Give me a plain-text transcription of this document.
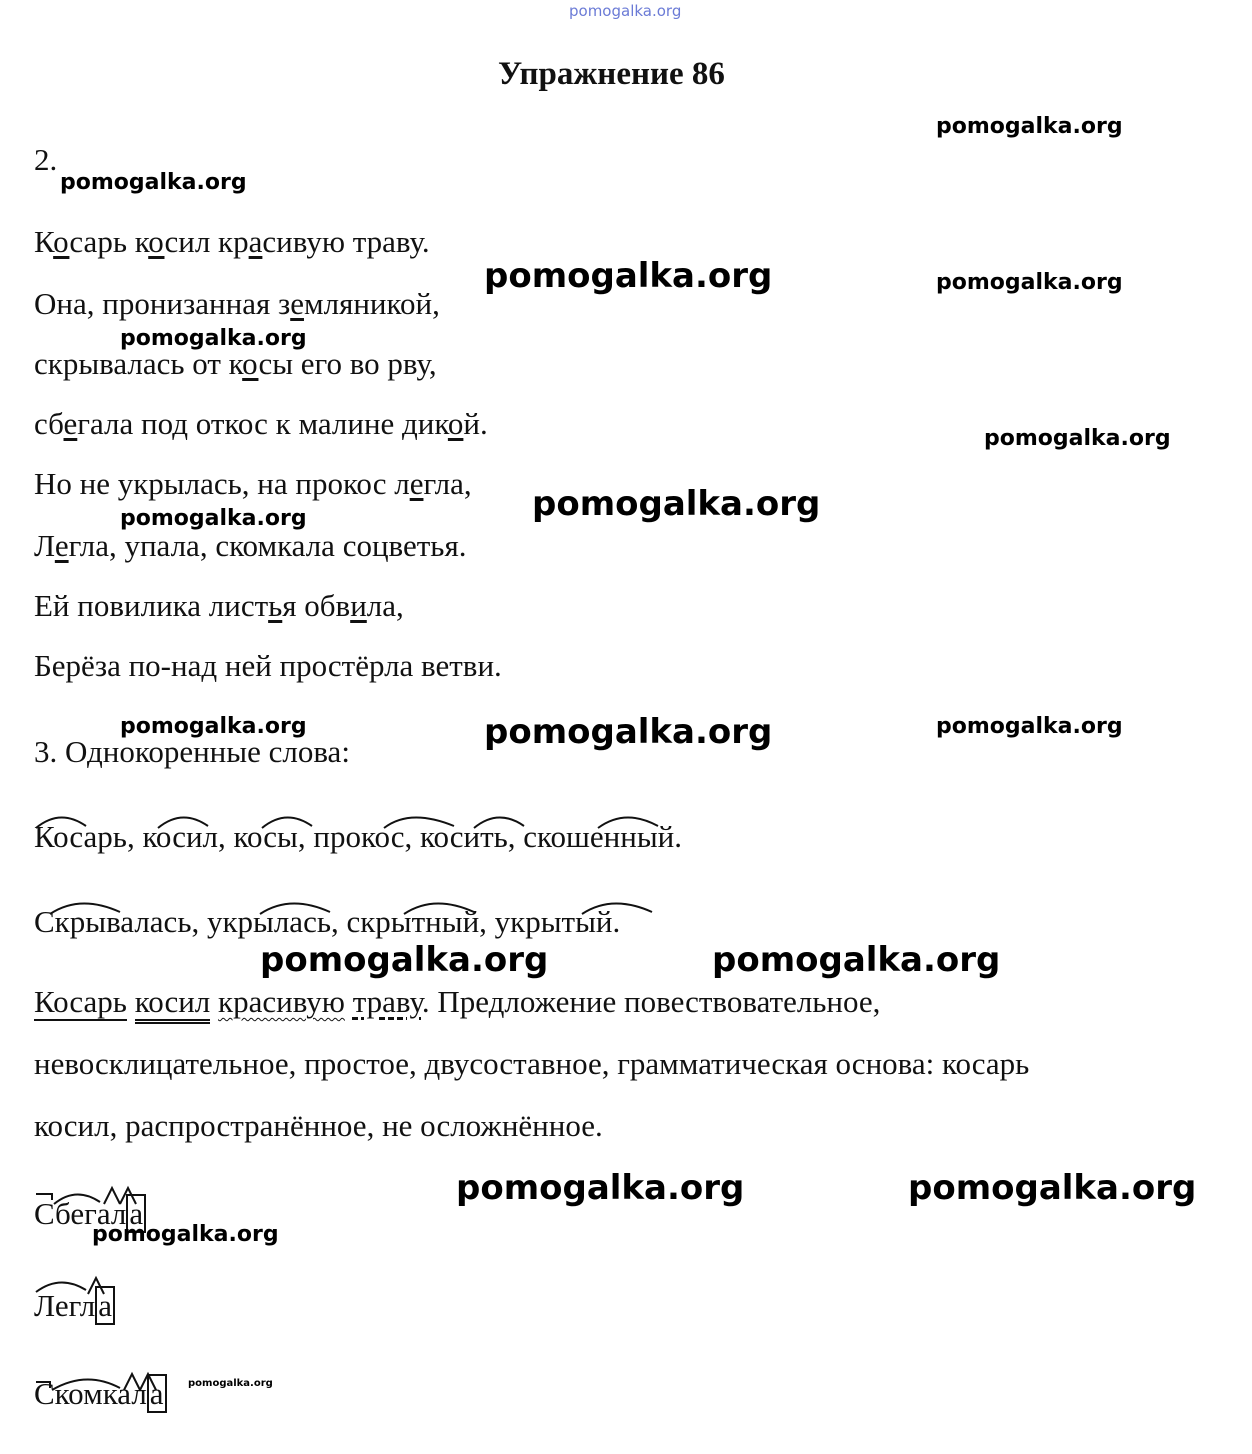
pomogalka.org
Упражнение 86
2.
Косарь косил красивую траву.
Она, пронизанная земляникой,
скрывалась от косы его во рву,
сбегала под откос к малине дикой.
Но не укрылась, на прокос легла,
Легла, упала, скомкала соцветья.
Ей повилика листья обвила,
Берёза по-над ней простёрла ветви.
3. Однокоренные слова:
Косарь, косил, косы, прокос, косить, скошенный.
Скрывалась, укрылась, скрытный, укрытый.
Косарь косил красивую траву. Предложение повествовательное,
невосклицательное, простое, двусоставное, грамматическая основа: косарь
косил, распространённое, не осложнённое.
Сбегала
Легла
Скомкала
pomogalka.org
pomogalka.org
pomogalka.org	pomogalka.org
pomogalka.org
pomogalka.org
pomogalka.org
pomogalka.org
pomogalka.org	pomogalka.org	pomogalka.org
pomogalka.org	pomogalka.org
pomogalka.org	pomogalka.org
pomogalka.org
pomogalka.org
